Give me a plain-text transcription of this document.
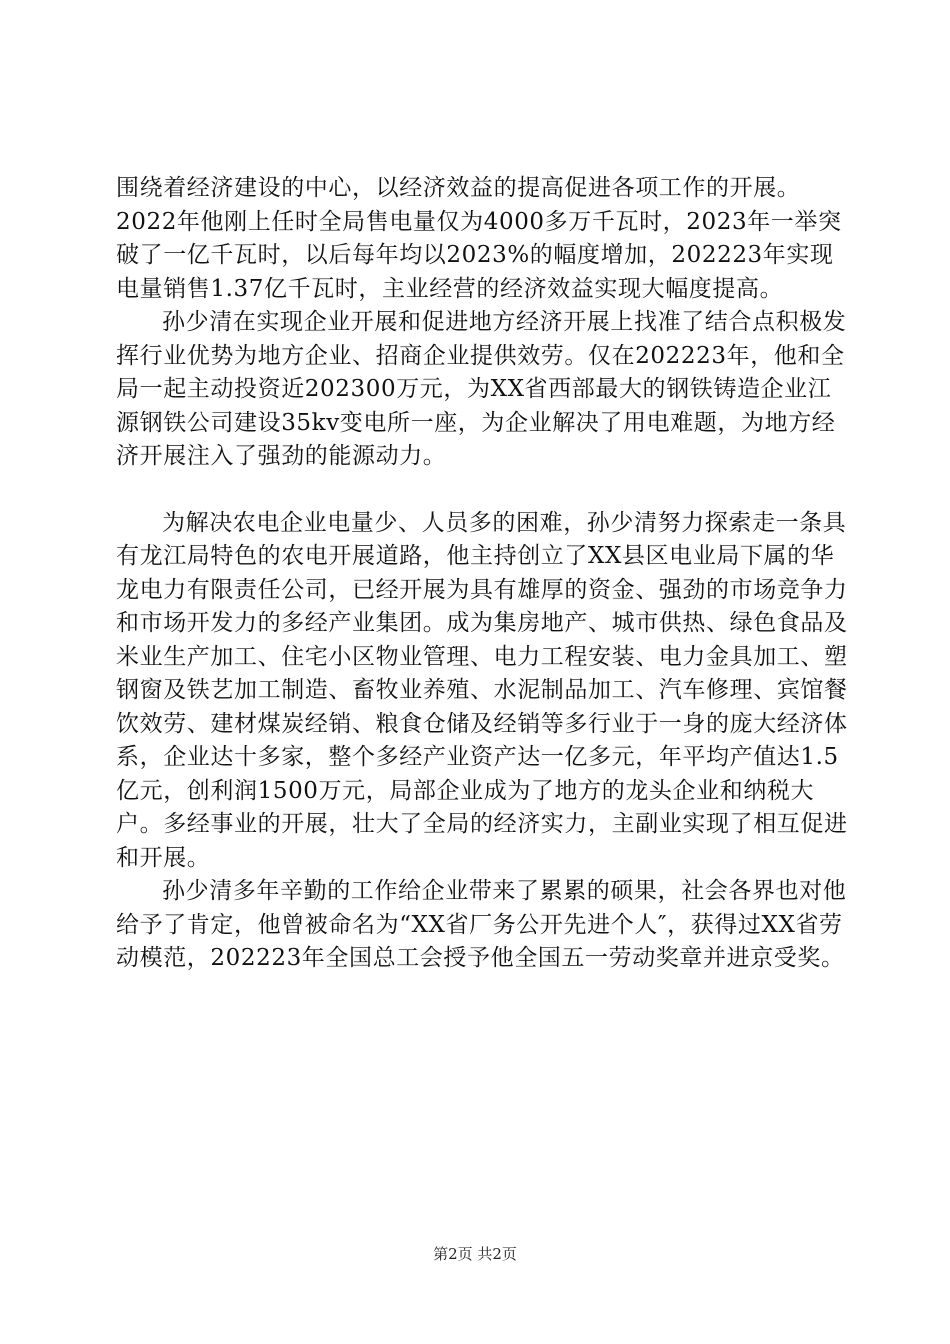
围绕着经济建设的中心，以经济效益的提高促进各项工作的开展。2022年他刚上任时全局售电量仅为4000多万千瓦时，2023年一举突破了一亿千瓦时，以后每年均以2023%的幅度增加，202223年实现电量销售1.37亿千瓦时，主业经营的经济效益实现大幅度提高。

孙少清在实现企业开展和促进地方经济开展上找准了结合点积极发挥行业优势为地方企业、招商企业提供效劳。仅在202223年，他和全局一起主动投资近202300万元，为XX省西部最大的钢铁铸造企业江源钢铁公司建设35kv变电所一座，为企业解决了用电难题，为地方经济开展注入了强劲的能源动力。

为解决农电企业电量少、人员多的困难，孙少清努力探索走一条具有龙江局特色的农电开展道路，他主持创立了XX县区电业局下属的华龙电力有限责任公司，已经开展为具有雄厚的资金、强劲的市场竞争力和市场开发力的多经产业集团。成为集房地产、城市供热、绿色食品及米业生产加工、住宅小区物业管理、电力工程安装、电力金具加工、塑钢窗及铁艺加工制造、畜牧业养殖、水泥制品加工、汽车修理、宾馆餐饮效劳、建材煤炭经销、粮食仓储及经销等多行业于一身的庞大经济体系，企业达十多家，整个多经产业资产达一亿多元，年平均产值达1.5亿元，创利润1500万元，局部企业成为了地方的龙头企业和纳税大户。多经事业的开展，壮大了全局的经济实力，主副业实现了相互促进和开展。

孙少清多年辛勤的工作给企业带来了累累的硕果，社会各界也对他给予了肯定，他曾被命名为“XX省厂务公开先进个人″，获得过XX省劳动模范，202223年全国总工会授予他全国五一劳动奖章并进京受奖。

第2页 共2页
